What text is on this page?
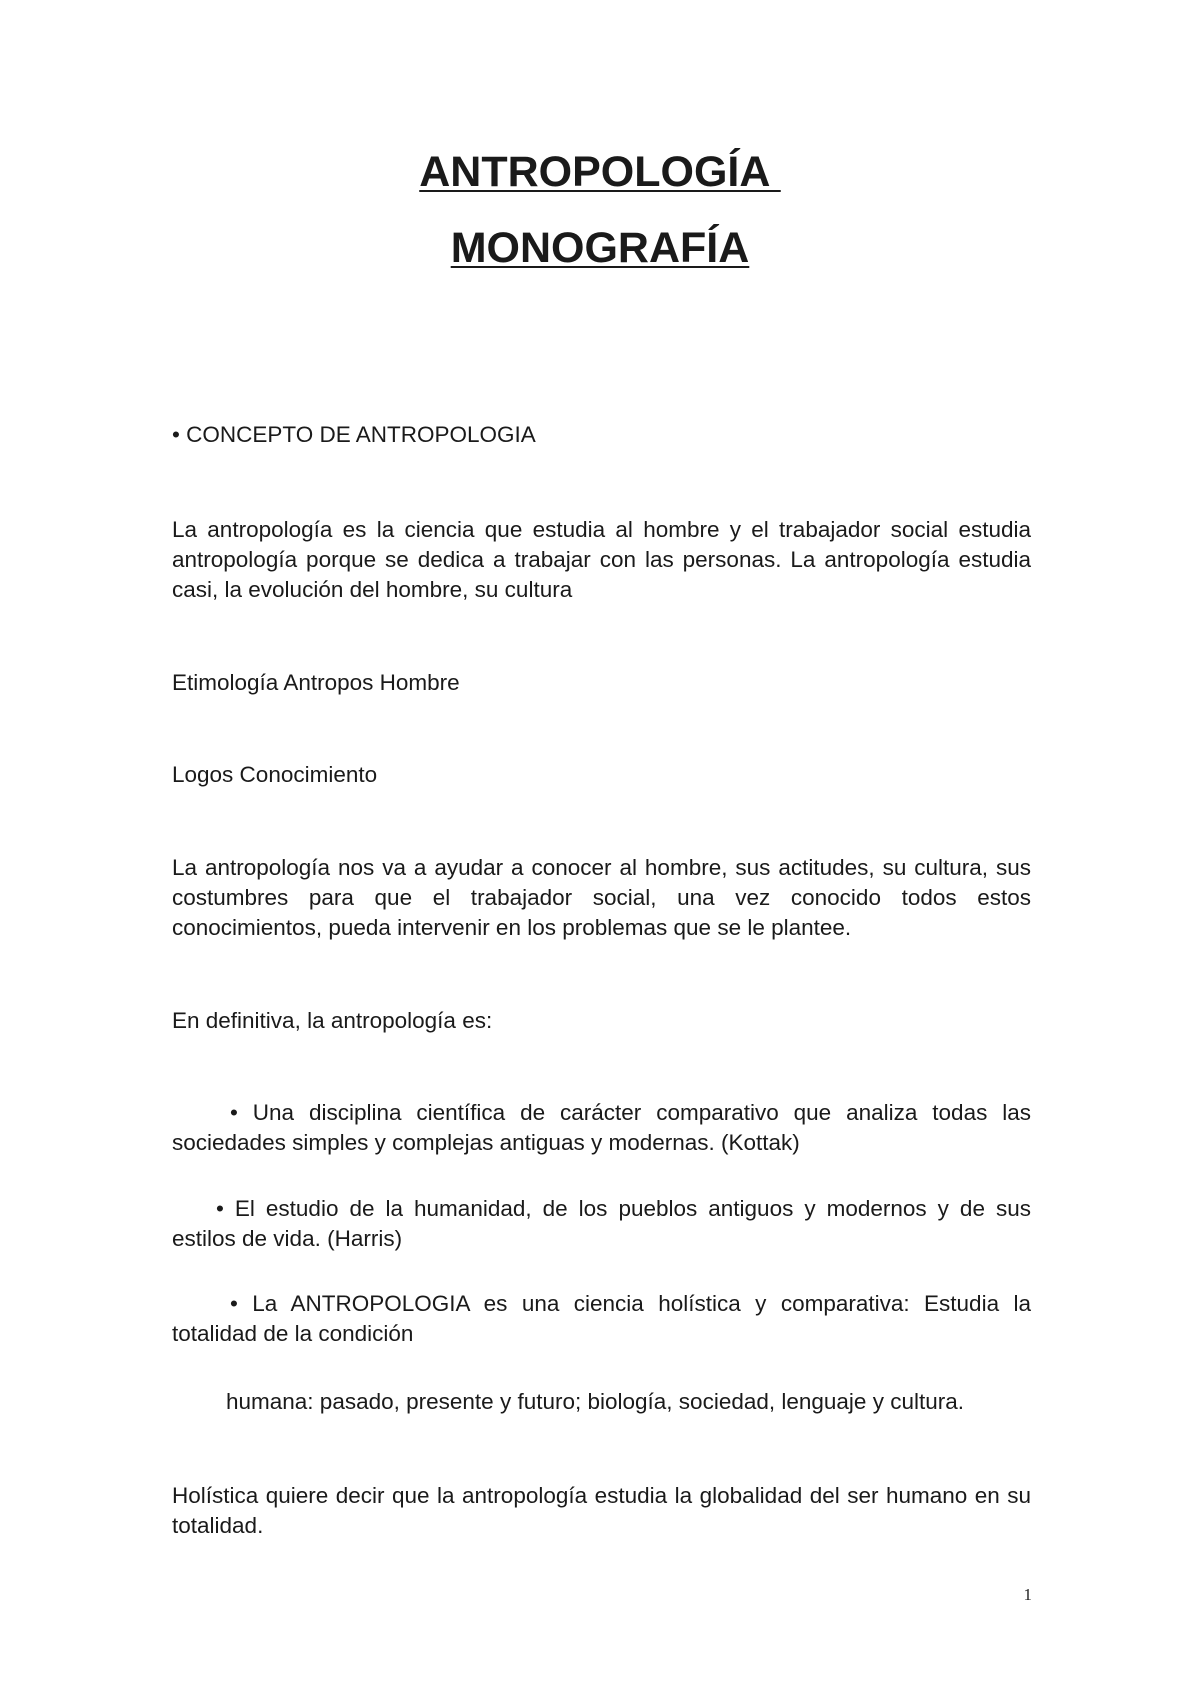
ANTROPOLOGÍA
MONOGRAFÍA

• CONCEPTO DE ANTROPOLOGIA

La antropología es la ciencia que estudia al hombre y el trabajador social estudia antropología porque se dedica a trabajar con las personas. La antropología estudia casi, la evolución del hombre, su cultura

Etimología Antropos Hombre

Logos Conocimiento

La antropología nos va a ayudar a conocer al hombre, sus actitudes, su cultura, sus costumbres para que el trabajador social, una vez conocido todos estos conocimientos, pueda intervenir en los problemas que se le plantee.

En definitiva, la antropología es:

• Una disciplina científica de carácter comparativo que analiza todas las sociedades simples y complejas antiguas y modernas. (Kottak)

• El estudio de la humanidad, de los pueblos antiguos y modernos y de sus estilos de vida. (Harris)

• La ANTROPOLOGIA es una ciencia holística y comparativa: Estudia la totalidad de la condición

humana: pasado, presente y futuro; biología, sociedad, lenguaje y cultura.

Holística quiere decir que la antropología estudia la globalidad del ser humano en su totalidad.

1
